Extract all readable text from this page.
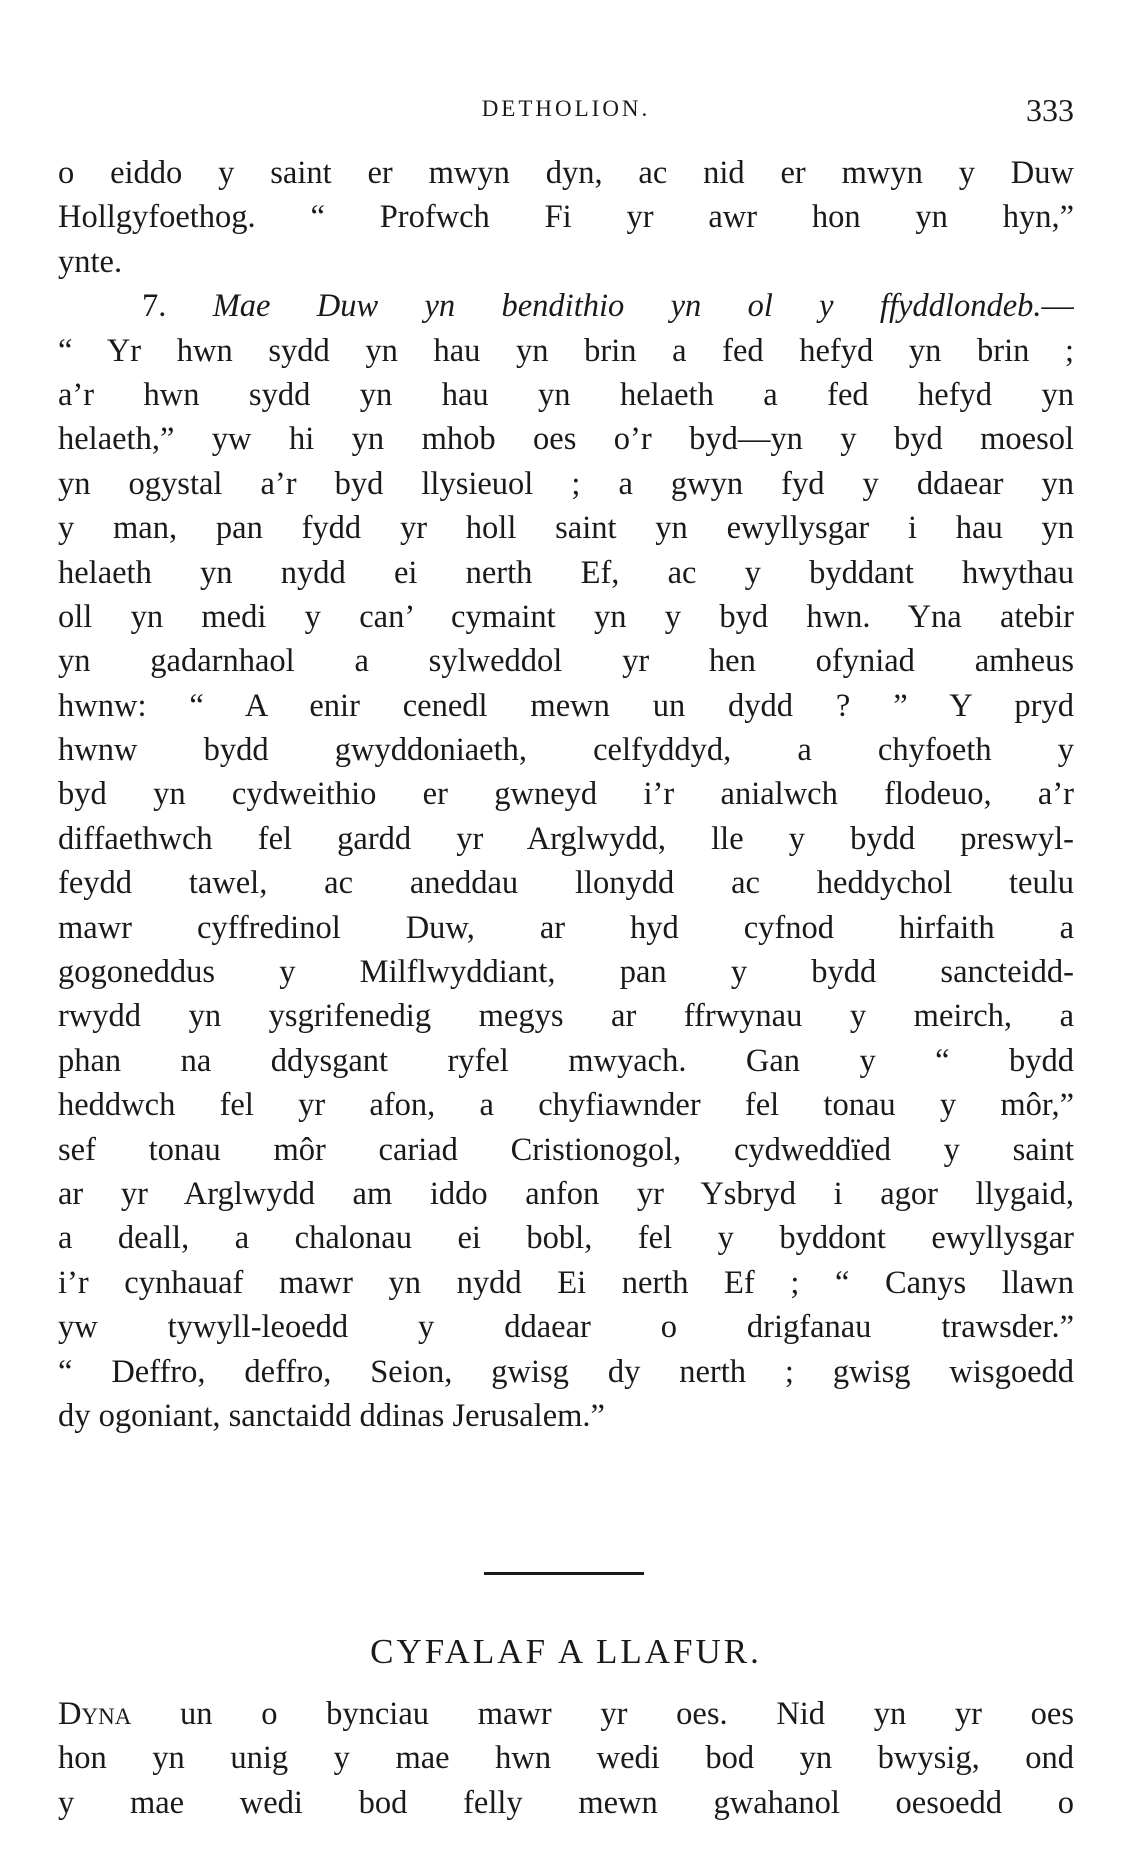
DETHOLION.	333

o eiddo y saint er mwyn dyn, ac nid er mwyn y Duw
Hollgyfoethog. “ Profwch Fi yr awr hon yn hyn,”
ynte.
7. Mae Duw yn bendithio yn ol y ffyddlondeb.—
“ Yr hwn sydd yn hau yn brin a fed hefyd yn brin ;
a’r hwn sydd yn hau yn helaeth a fed hefyd yn
helaeth,” yw hi yn mhob oes o’r byd—yn y byd moesol
yn ogystal a’r byd llysieuol ; a gwyn fyd y ddaear yn
y man, pan fydd yr holl saint yn ewyllysgar i hau yn
helaeth yn nydd ei nerth Ef, ac y byddant hwythau
oll yn medi y can’ cymaint yn y byd hwn. Yna atebir
yn gadarnhaol a sylweddol yr hen ofyniad amheus
hwnw: “ A enir cenedl mewn un dydd ? ” Y pryd
hwnw bydd gwyddoniaeth, celfyddyd, a chyfoeth y
byd yn cydweithio er gwneyd i’r anialwch flodeuo, a’r
diffaethwch fel gardd yr Arglwydd, lle y bydd preswyl-
feydd tawel, ac aneddau llonydd ac heddychol teulu
mawr cyffredinol Duw, ar hyd cyfnod hirfaith a
gogoneddus y Milflwyddiant, pan y bydd sancteidd-
rwydd yn ysgrifenedig megys ar ffrwynau y meirch, a
phan na ddysgant ryfel mwyach. Gan y “ bydd
heddwch fel yr afon, a chyfiawnder fel tonau y môr,”
sef tonau môr cariad Cristionogol, cydweddïed y saint
ar yr Arglwydd am iddo anfon yr Ysbryd i agor llygaid,
a deall, a chalonau ei bobl, fel y byddont ewyllysgar
i’r cynhauaf mawr yn nydd Ei nerth Ef ; “ Canys llawn
yw tywyll-leoedd y ddaear o drigfanau trawsder.”
“ Deffro, deffro, Seion, gwisg dy nerth ; gwisg wisgoedd
dy ogoniant, sanctaidd ddinas Jerusalem.”

CYFALAF A LLAFUR.

Dyna un o bynciau mawr yr oes. Nid yn yr oes
hon yn unig y mae hwn wedi bod yn bwysig, ond
y mae wedi bod felly mewn gwahanol oesoedd o
